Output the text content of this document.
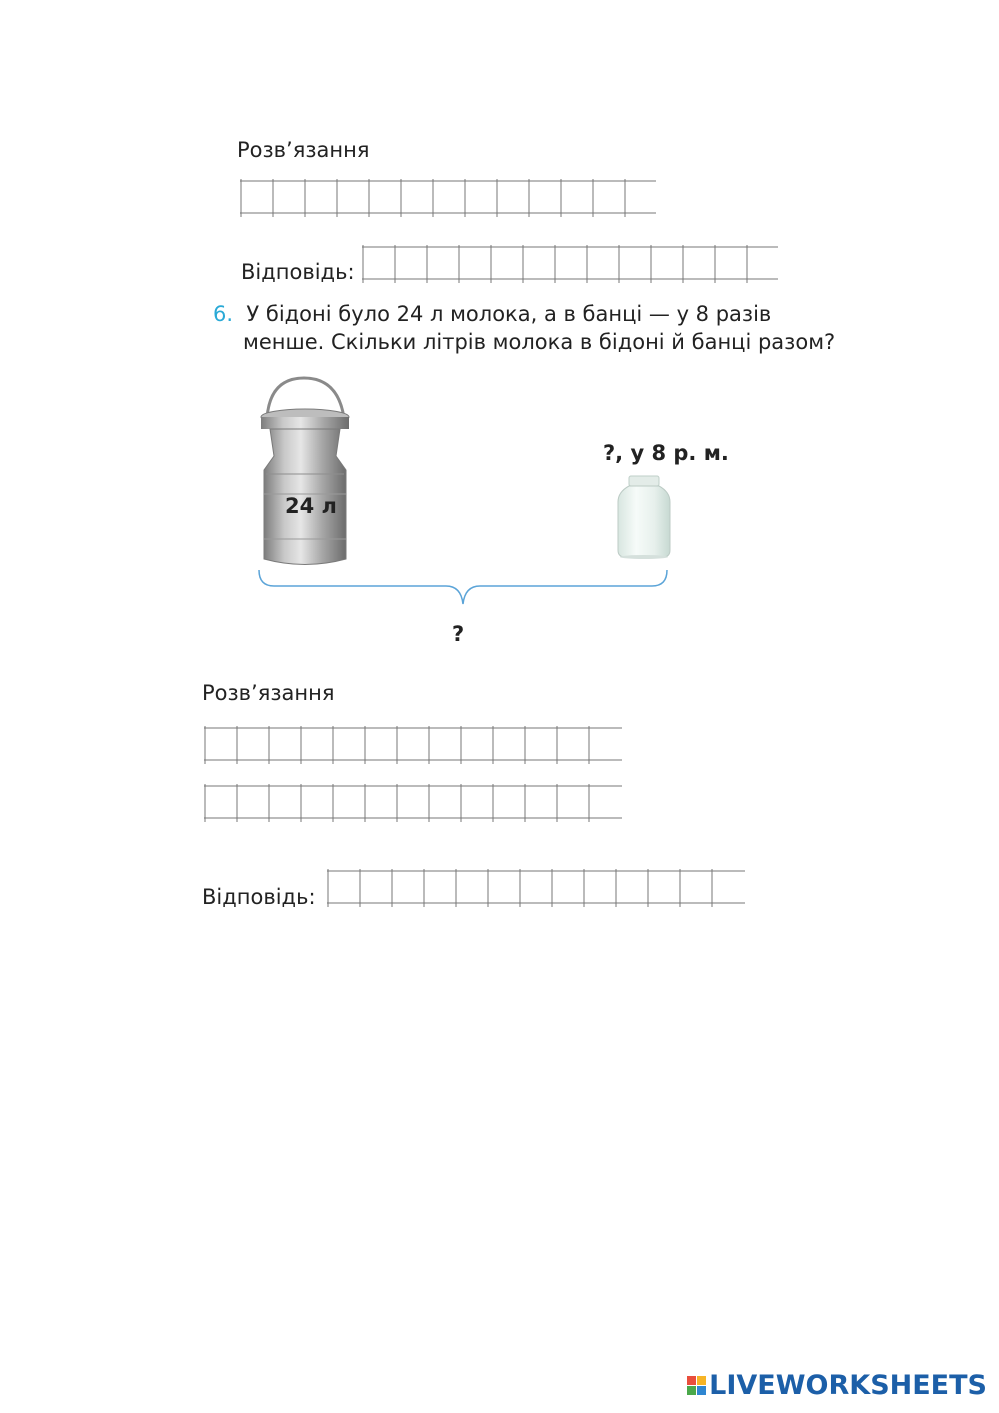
Розв’язання
Відповідь:
6. У бідоні було 24 л молока, а в банці — у 8 разів
менше. Скільки літрів молока в бідоні й банці разом?
24 л
?, у 8 р. м.
?
Розв’язання
Відповідь:
LIVEWORKSHEETS
